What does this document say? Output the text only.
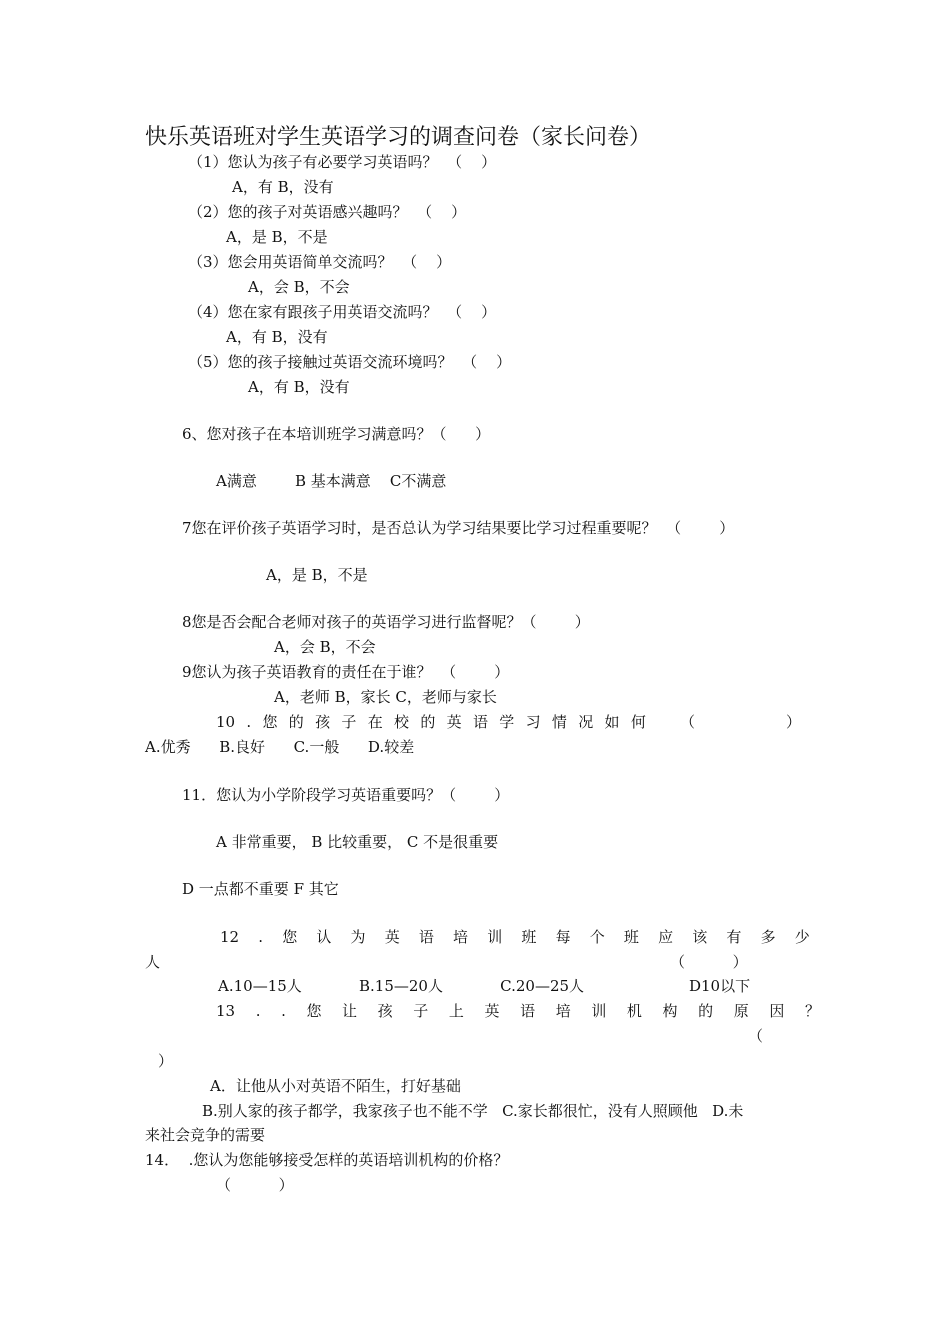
快乐英语班对学生英语学习的调查问卷（家长问卷）
（1）您认为孩子有必要学习英语吗？  （    ）
A，有 B，没有
（2）您的孩子对英语感兴趣吗？  （    ）
A，是 B，不是
（3）您会用英语简单交流吗？  （    ）
A，会 B，不会
（4）您在家有跟孩子用英语交流吗？  （    ）
A，有 B，没有
（5）您的孩子接触过英语交流环境吗？  （    ）
A，有 B，没有
6、您对孩子在本培训班学习满意吗？（      ）
A满意        B 基本满意    C不满意
7您在评价孩子英语学习时，是否总认为学习结果要比学习过程重要呢？  （        ）
A，是 B，不是
8您是否会配合老师对孩子的英语学习进行监督呢？（        ）
A，会 B，不会
9您认为孩子英语教育的责任在于谁？  （        ）
A，老师 B，家长 C，老师与家长
10 . 您 的 孩 子 在 校 的 英 语 学 习 情 况 如 何 （	）
A.优秀      B.良好      C.一般      D.较差
11．您认为小学阶段学习英语重要吗？（        ）
A 非常重要， B 比较重要， C 不是很重要
D 一点都不重要 F 其它
12 . 您 认 为 英 语 培 训 班 每 个 班 应 该 有 多 少
人	（          ）
A.10—15人            B.15—20人            C.20—25人                      D10以下
13 . . 您 让 孩 子 上 英 语 培 训 机 构 的 原 因 ？
（
）
A．让他从小对英语不陌生，打好基础
B.别人家的孩子都学，我家孩子也不能不学   C.家长都很忙，没有人照顾他   D.未
来社会竞争的需要
14．  .您认为您能够接受怎样的英语培训机构的价格？
（          ）
